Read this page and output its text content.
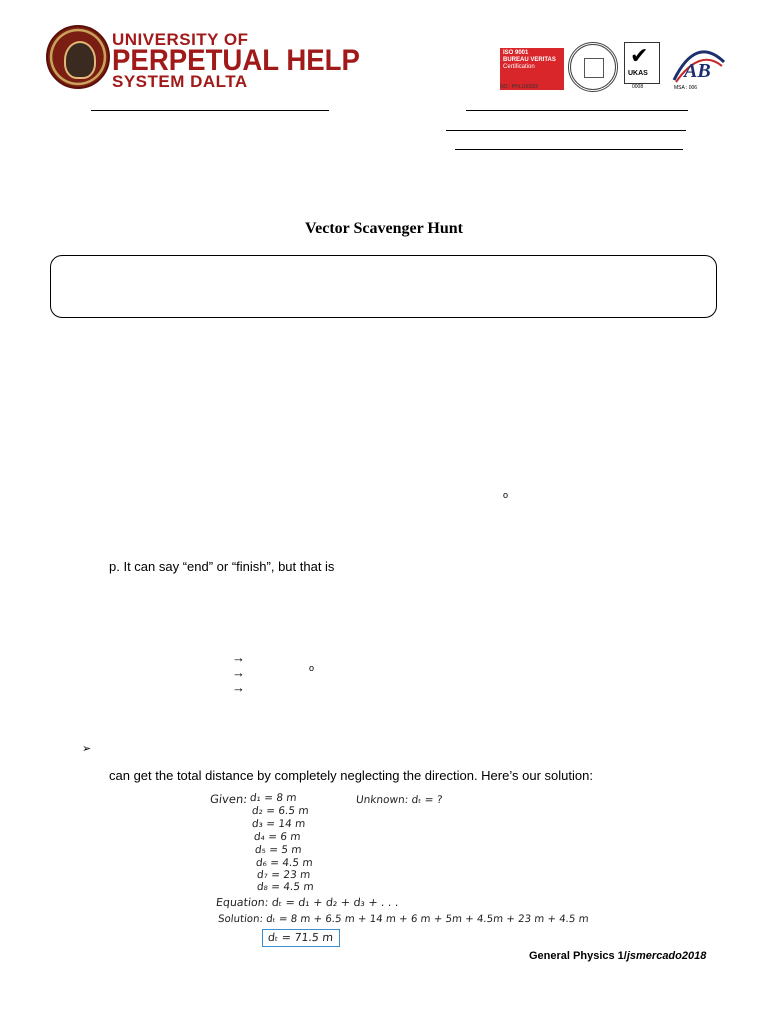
UNIVERSITY OF
PERPETUAL HELP
SYSTEM DALTA
ISO 9001
BUREAU VERITAS
Certification
NO.: PHL100032
✔
UKAS
0008
AB
MSA : 006
Vector Scavenger Hunt
o
p. It can say “end” or “finish”, but that is
→
→	o
→
➢
can get the total distance by completely neglecting the direction. Here’s our solution:
Given: d₁ = 8 m
d₂ = 6.5 m
d₃ = 14 m
d₄ = 6 m
d₅ = 5 m
d₆ = 4.5 m
d₇ = 23 m
d₈ = 4.5 m
Unknown: dₜ = ?
Equation: dₜ = d₁ + d₂ + d₃ + . . .
Solution: dₜ = 8 m + 6.5 m + 14 m + 6 m + 5m + 4.5m + 23 m + 4.5 m
dₜ = 71.5 m
General Physics 1/jsmercado2018
